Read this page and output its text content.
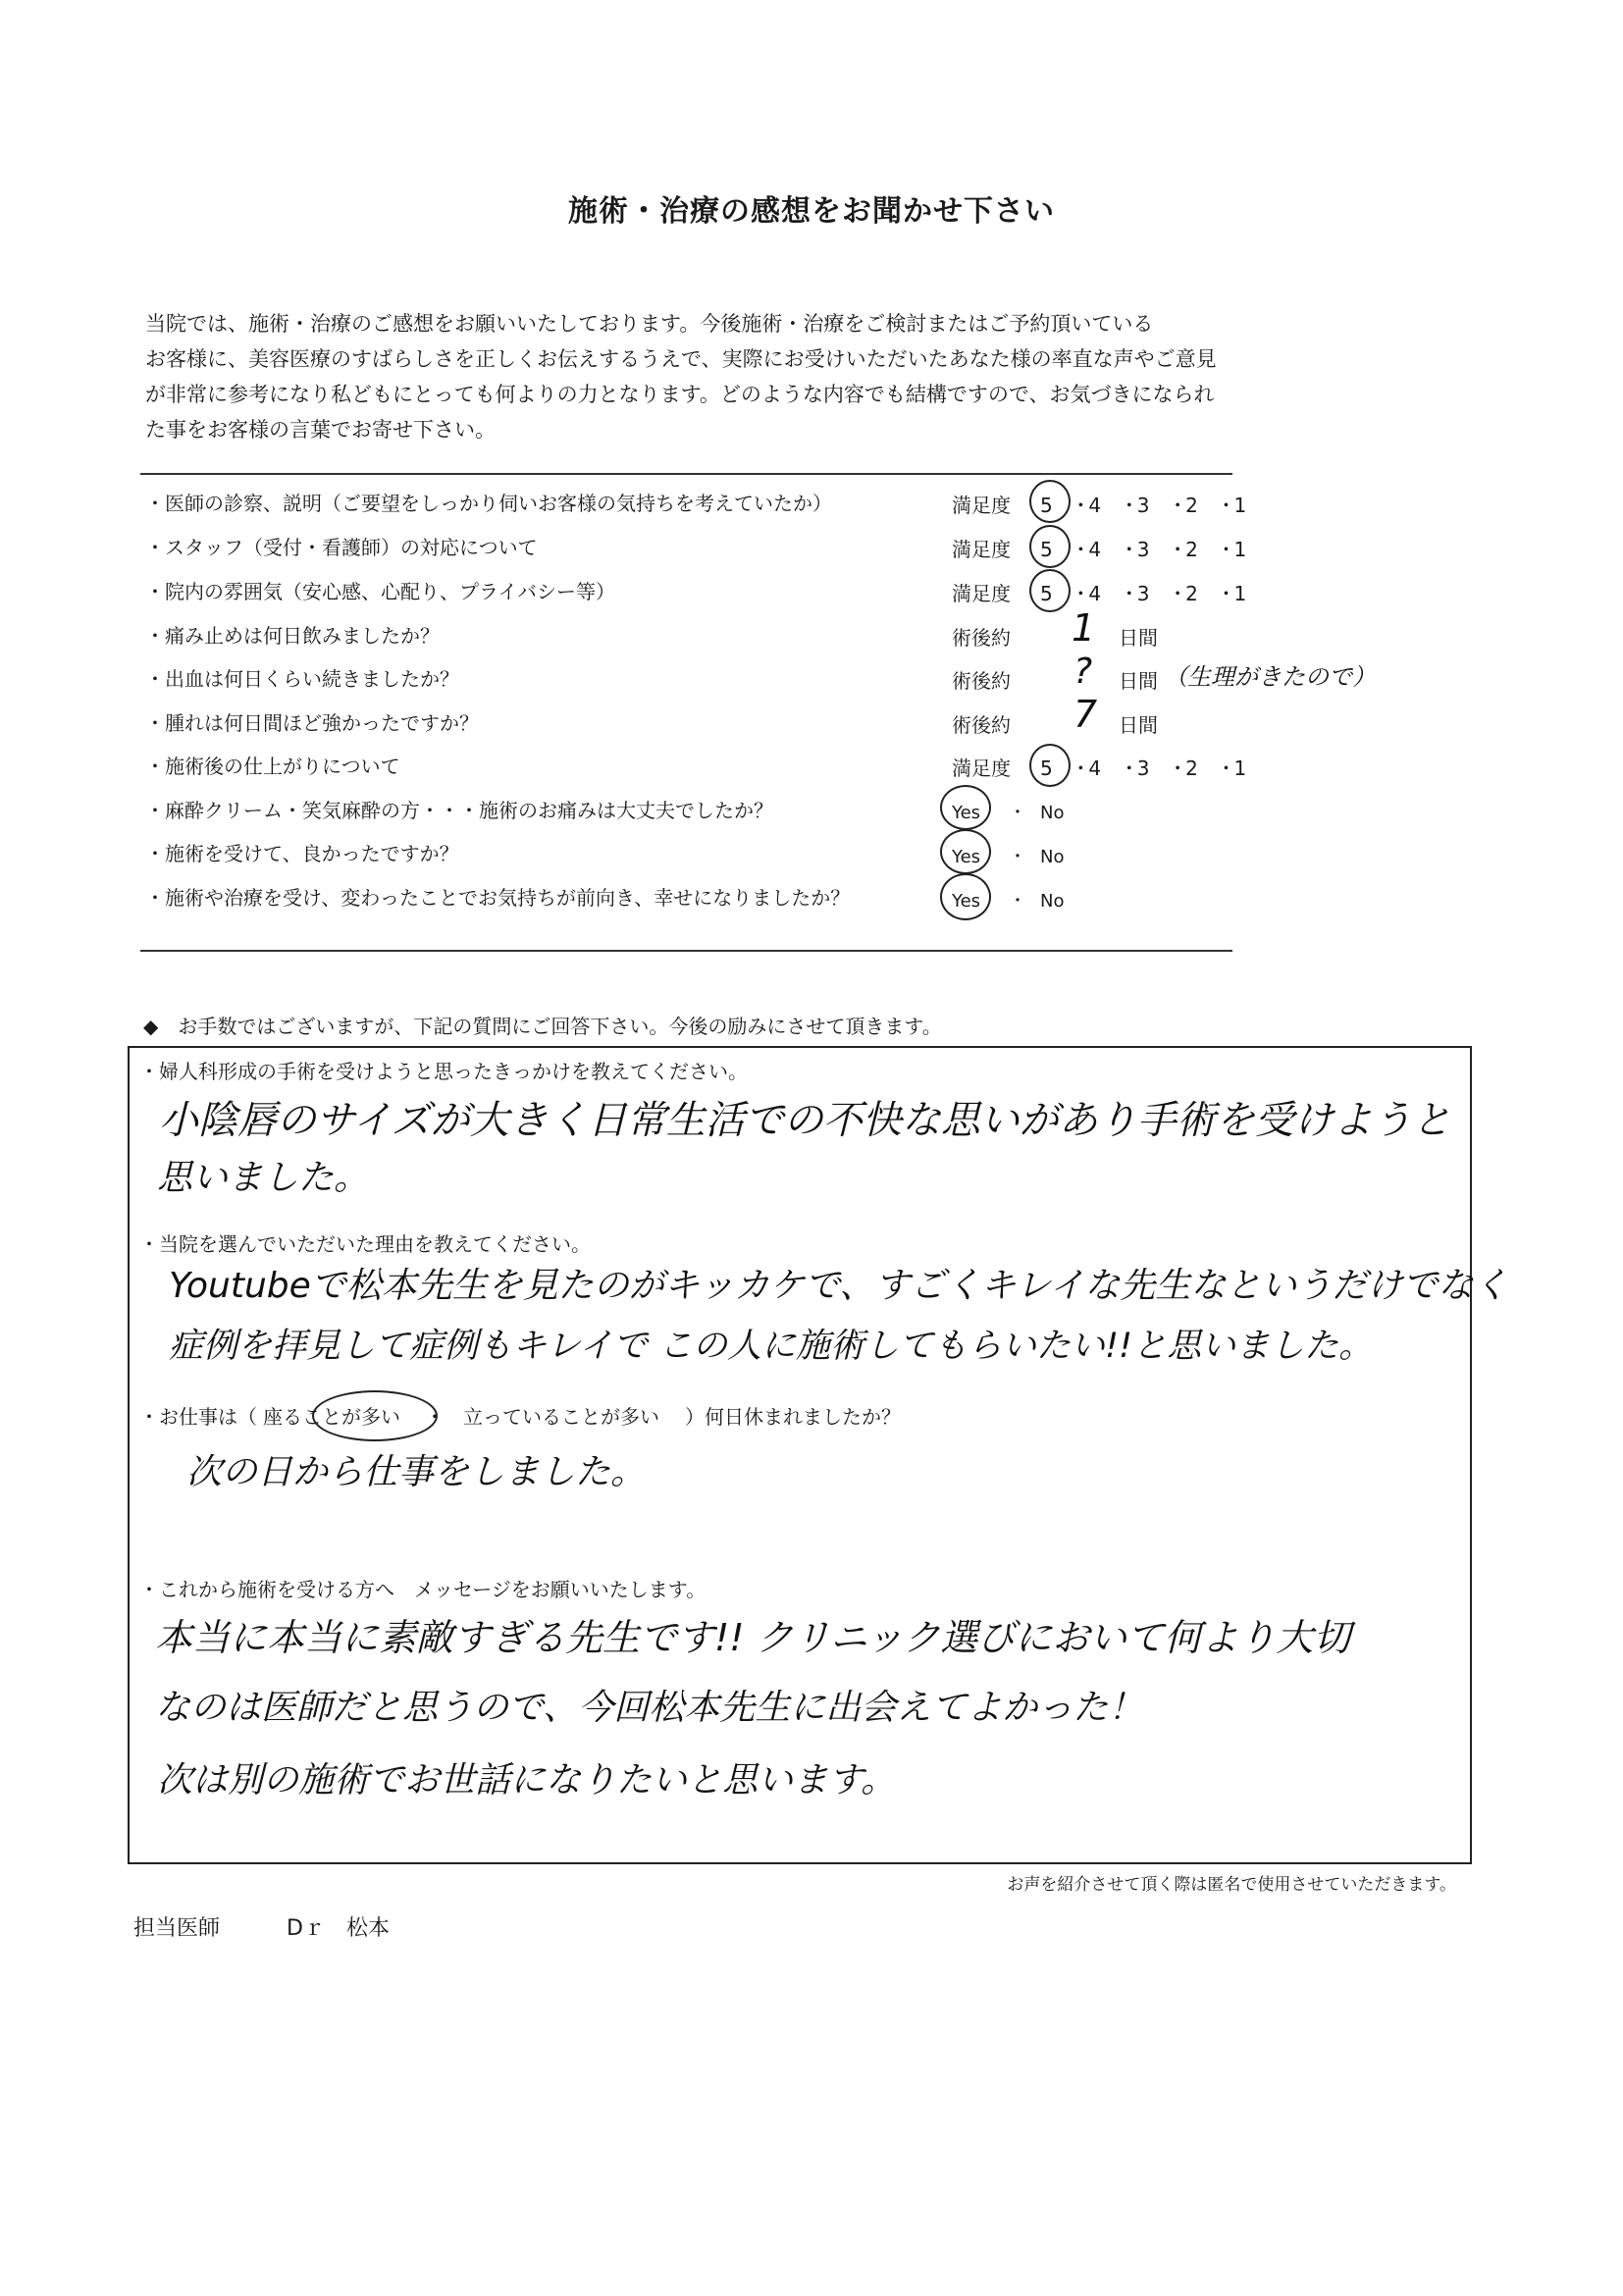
施術・治療の感想をお聞かせ下さい
当院では、施術・治療のご感想をお願いいたしております。今後施術・治療をご検討またはご予約頂いている
お客様に、美容医療のすばらしさを正しくお伝えするうえで、実際にお受けいただいたあなた様の率直な声やご意見
が非常に参考になり私どもにとっても何よりの力となります。どのような内容でも結構ですので、お気づきになられ
た事をお客様の言葉でお寄せ下さい。
・医師の診察、説明（ご要望をしっかり伺いお客様の気持ちを考えていたか）	満足度 5 ・4 ・3 ・2 ・1
・スタッフ（受付・看護師）の対応について	満足度 5 ・4 ・3 ・2 ・1
・院内の雰囲気（安心感、心配り、プライバシー等）	満足度 5 ・4 ・3 ・2 ・1
・痛み止めは何日飲みましたか？	術後約 1 日間
・出血は何日くらい続きましたか？	術後約 ? 日間 （生理がきたので）
・腫れは何日間ほど強かったですか？	術後約 7 日間
・施術後の仕上がりについて	満足度 5 ・4 ・3 ・2 ・1
・麻酔クリーム・笑気麻酔の方・・・施術のお痛みは大丈夫でしたか？	Yes ・ No
・施術を受けて、良かったですか？	Yes ・ No
・施術や治療を受け、変わったことでお気持ちが前向き、幸せになりましたか？	Yes ・ No
◆　お手数ではございますが、下記の質問にご回答下さい。今後の励みにさせて頂きます。
・婦人科形成の手術を受けようと思ったきっかけを教えてください。
小陰唇のサイズが大きく日常生活での不快な思いがあり手術を受けようと
思いました。
・当院を選んでいただいた理由を教えてください。
Youtubeで松本先生を見たのがキッカケで、すごくキレイな先生なというだけでなく
症例を拝見して症例もキレイで この人に施術してもらいたい!!と思いました。
・お仕事は（ 座ることが多い ・ 立っていることが多い ）何日休まれましたか？
次の日から仕事をしました。
・これから施術を受ける方へ　メッセージをお願いいたします。
本当に本当に素敵すぎる先生です!! クリニック選びにおいて何より大切
なのは医師だと思うので、今回松本先生に出会えてよかった！
次は別の施術でお世話になりたいと思います。
お声を紹介させて頂く際は匿名で使用させていただきます。
担当医師	Dｒ　松本
